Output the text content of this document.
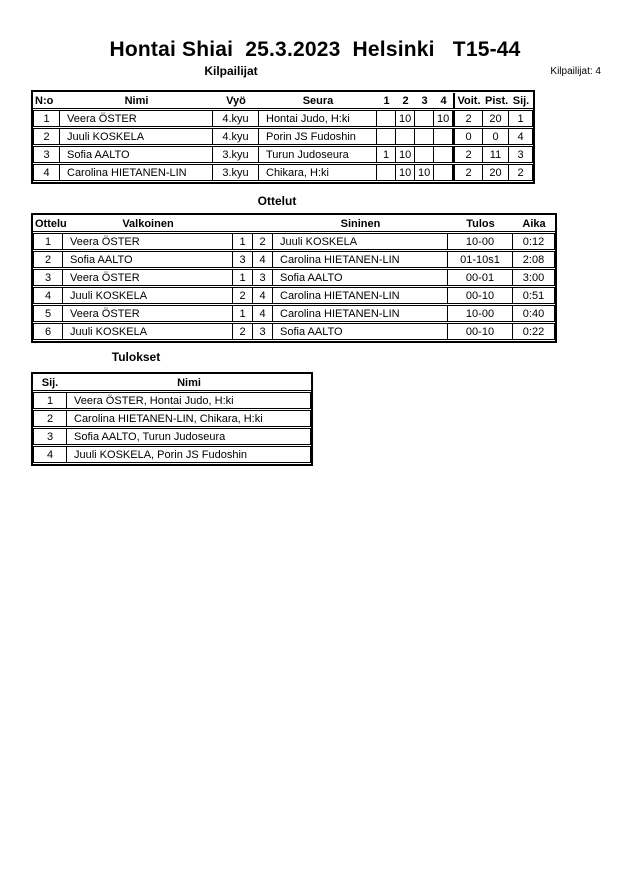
Hontai Shiai  25.3.2023  Helsinki   T15-44
Kilpailijat: 4
Kilpailijat
N:o	Nimi	Vyö	Seura	1	2	3	4	Voit.	Pist.	Sij.
1	Veera ÖSTER	4.kyu	Hontai Judo, H:ki		10		10	2	20	1
2	Juuli KOSKELA	4.kyu	Porin JS Fudoshin					0	0	4
3	Sofia AALTO	3.kyu	Turun Judoseura	1	10			2	11	3
4	Carolina HIETANEN-LIN	3.kyu	Chikara, H:ki		10	10		2	20	2
Ottelut
Ottelu	Valkoinen			Sininen	Tulos	Aika
1	Veera ÖSTER	1	2	Juuli KOSKELA	10-00	0:12
2	Sofia AALTO	3	4	Carolina HIETANEN-LIN	01-10s1	2:08
3	Veera ÖSTER	1	3	Sofia AALTO	00-01	3:00
4	Juuli KOSKELA	2	4	Carolina HIETANEN-LIN	00-10	0:51
5	Veera ÖSTER	1	4	Carolina HIETANEN-LIN	10-00	0:40
6	Juuli KOSKELA	2	3	Sofia AALTO	00-10	0:22
Tulokset
Sij.	Nimi
1	Veera ÖSTER, Hontai Judo, H:ki
2	Carolina HIETANEN-LIN, Chikara, H:ki
3	Sofia AALTO, Turun Judoseura
4	Juuli KOSKELA, Porin JS Fudoshin
